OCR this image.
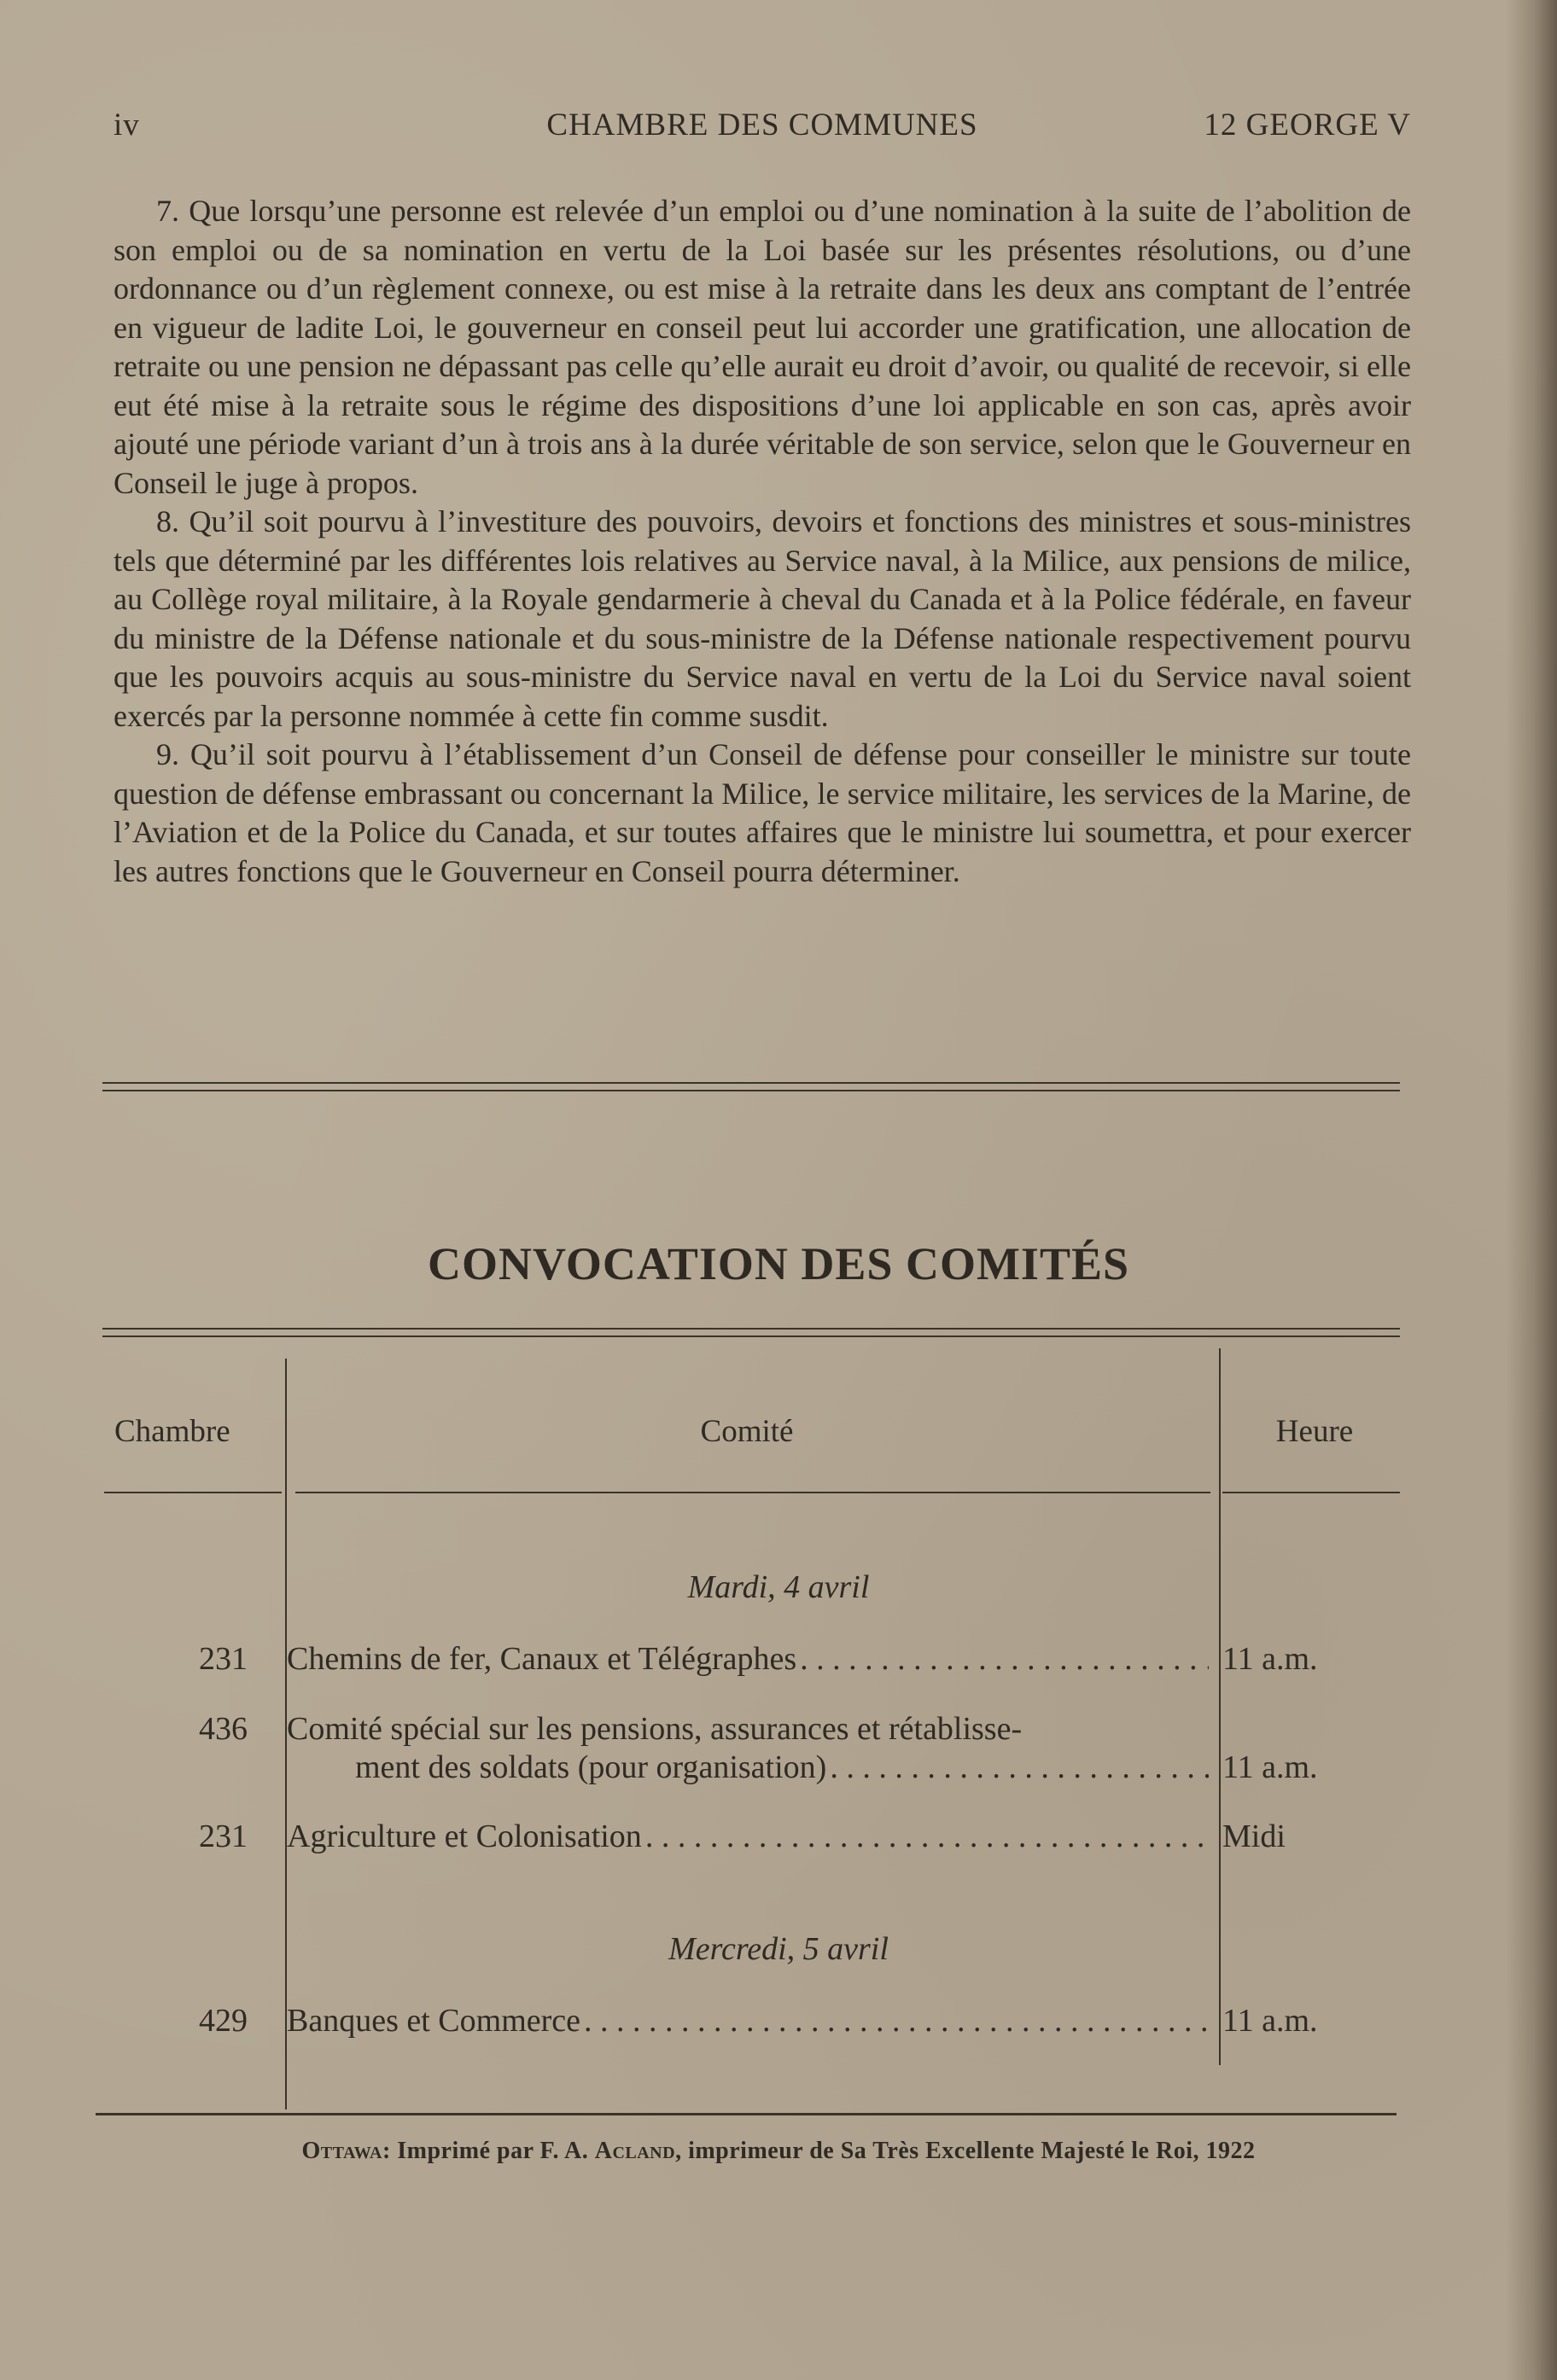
iv	CHAMBRE DES COMMUNES	12 GEORGE V

7. Que lorsqu’une personne est relevée d’un emploi ou d’une nomination à la suite de l’abolition de son emploi ou de sa nomination en vertu de la Loi basée sur les présentes résolutions, ou d’une ordonnance ou d’un règlement connexe, ou est mise à la retraite dans les deux ans comptant de l’entrée en vigueur de ladite Loi, le gouverneur en conseil peut lui accorder une gratification, une allocation de retraite ou une pension ne dépassant pas celle qu’elle aurait eu droit d’avoir, ou qualité de recevoir, si elle eut été mise à la retraite sous le régime des dispositions d’une loi applicable en son cas, après avoir ajouté une période variant d’un à trois ans à la durée véritable de son service, selon que le Gouverneur en Conseil le juge à propos.

8. Qu’il soit pourvu à l’investiture des pouvoirs, devoirs et fonctions des ministres et sous-ministres tels que déterminé par les différentes lois relatives au Service naval, à la Milice, aux pensions de milice, au Collège royal militaire, à la Royale gendarmerie à cheval du Canada et à la Police fédérale, en faveur du ministre de la Défense nationale et du sous-ministre de la Défense nationale respectivement pourvu que les pouvoirs acquis au sous-ministre du Service naval en vertu de la Loi du Service naval soient exercés par la personne nommée à cette fin comme susdit.

9. Qu’il soit pourvu à l’établissement d’un Conseil de défense pour conseiller le ministre sur toute question de défense embrassant ou concernant la Milice, le service militaire, les services de la Marine, de l’Aviation et de la Police du Canada, et sur toutes affaires que le ministre lui soumettra, et pour exercer les autres fonctions que le Gouverneur en Conseil pourra déterminer.

CONVOCATION DES COMITÉS
Chambre	Comité	Heure
Mardi, 4 avril
231 Chemins de fer, Canaux et Télégraphes . . .	11 a.m.
436 Comité spécial sur les pensions, assurances et rétablisse-
ment des soldats (pour organisation) . . .	11 a.m.
231 Agriculture et Colonisation . . .	Midi
Mercredi, 5 avril
429 Banques et Commerce . . .	11 a.m.
Ottawa: Imprimé par F. A. Acland, imprimeur de Sa Très Excellente Majesté le Roi, 1922
